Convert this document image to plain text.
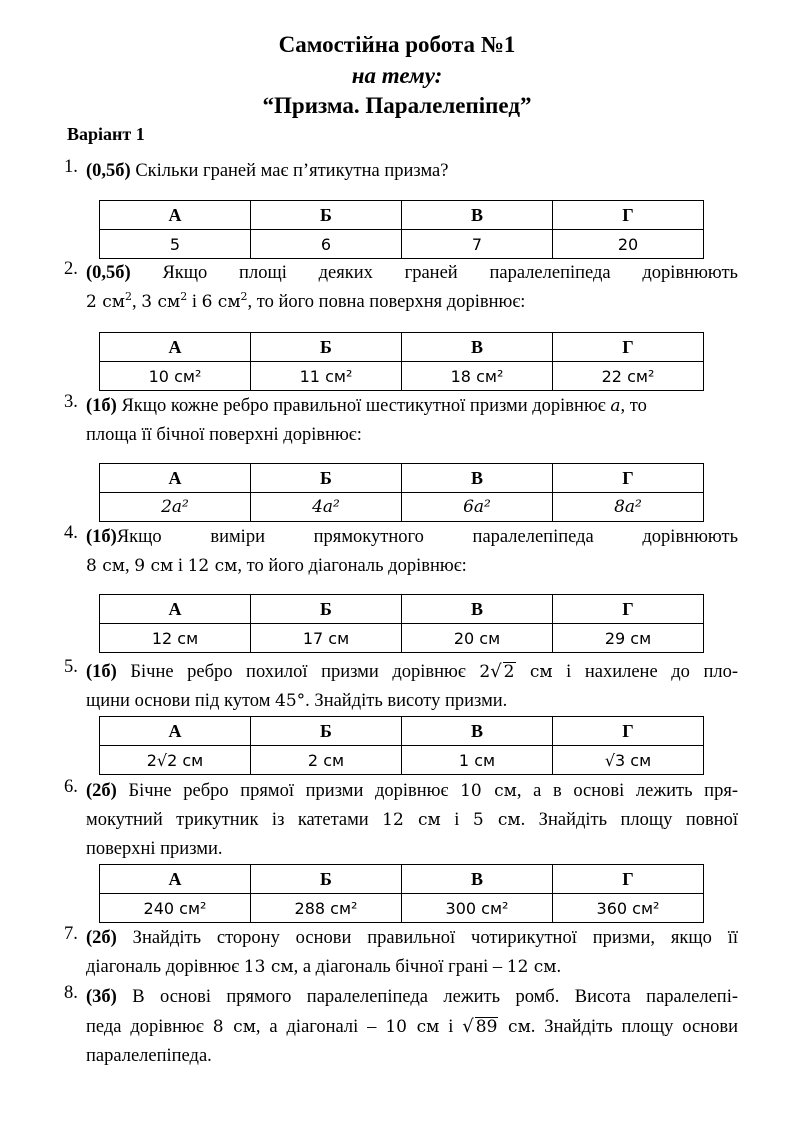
Самостійна робота №1

на тему:

“Призма. Паралелепіпед”

Варіант 1
1. (0,5б) Скільки граней має п’ятикутна призма?
А	Б	В	Г
5	6	7	20
2. (0,5б) Якщо площі деяких граней паралелепіпеда дорівнюють
2 $см^2$, 3 $см^2$ і 6 $см^2$, то його повна поверхня дорівнює:
А	Б	В	Г
10 см²	11 см²	18 см²	22 см²
3. (1б) Якщо кожне ребро правильної шестикутної призми дорівнює a, то
площа її бічної поверхні дорівнює:
А	Б	В	Г
2a²	4a²	6a²	8a²
4. (1б)Якщо виміри прямокутного паралелепіпеда дорівнюють
8 см, 9 см і 12 см, то його діагональ дорівнює:
А	Б	В	Г
12 см	17 см	20 см	29 см
5. (1б) Бічне ребро похилої призми дорівнює 2√ 2 см і нахилене до пло-
щини основи під кутом 45°. Знайдіть висоту призми.
А	Б	В	Г
2√2 см	2 см	1 см	√3 см
6. (2б) Бічне ребро прямої призми дорівнює 10 см, а в основі лежить пря-
мокутний трикутник із катетами 12 см і 5 см. Знайдіть площу повної
поверхні призми.
А	Б	В	Г
240 см²	288 см²	300 см²	360 см²
7. (2б) Знайдіть сторону основи правильної чотирикутної призми, якщо її
діагональ дорівнює 13 см, а діагональ бічної грані – 12 см.
8. (3б) В основі прямого паралелепіпеда лежить ромб. Висота паралелепі-
педа дорівнює 8 см, а діагоналі – 10 см і √ 89 см. Знайдіть площу основи
паралелепіпеда.
